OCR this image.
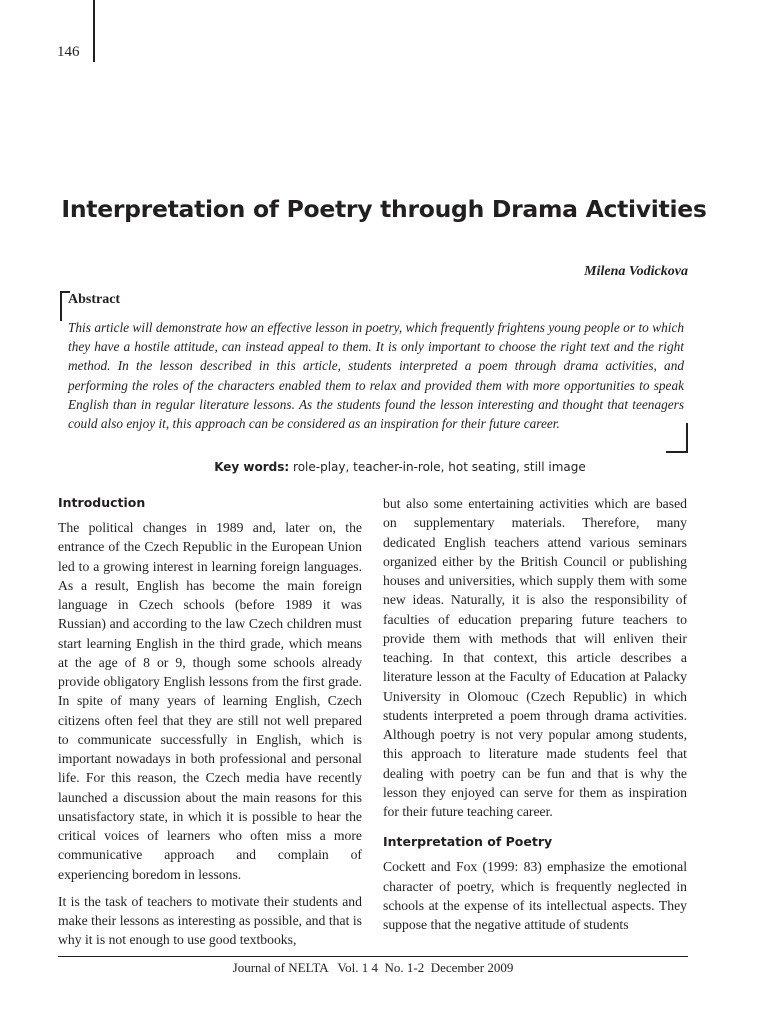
146
Interpretation of Poetry through Drama Activities
Milena Vodickova
Abstract
This article will demonstrate how an effective lesson in poetry, which frequently frightens young people or to which they have a hostile attitude, can instead appeal to them. It is only important to choose the right text and the right method. In the lesson described in this article, students interpreted a poem through drama activities, and performing the roles of the characters enabled them to relax and provided them with more opportunities to speak English than in regular literature lessons. As the students found the lesson interesting and thought that teenagers could also enjoy it, this approach can be considered as an inspiration for their future career.
Key words: role-play, teacher-in-role, hot seating, still image
Introduction

The political changes in 1989 and, later on, the entrance of the Czech Republic in the European Union led to a growing interest in learning foreign languages. As a result, English has become the main foreign language in Czech schools (before 1989 it was Russian) and according to the law Czech children must start learning English in the third grade, which means at the age of 8 or 9, though some schools already provide obligatory English lessons from the first grade. In spite of many years of learning English, Czech citizens often feel that they are still not well prepared to communicate successfully in English, which is important nowadays in both professional and personal life. For this reason, the Czech media have recently launched a discussion about the main reasons for this unsatisfactory state, in which it is possible to hear the critical voices of learners who often miss a more communicative approach and complain of experiencing boredom in lessons.

It is the task of teachers to motivate their students and make their lessons as interesting as possible, and that is why it is not enough to use good textbooks,

but also some entertaining activities which are based on supplementary materials. Therefore, many dedicated English teachers attend various seminars organized either by the British Council or publishing houses and universities, which supply them with some new ideas. Naturally, it is also the responsibility of faculties of education preparing future teachers to provide them with methods that will enliven their teaching. In that context, this article describes a literature lesson at the Faculty of Education at Palacky University in Olomouc (Czech Republic) in which students interpreted a poem through drama activities. Although poetry is not very popular among students, this approach to literature made students feel that dealing with poetry can be fun and that is why the lesson they enjoyed can serve for them as inspiration for their future teaching career.

Interpretation of Poetry

Cockett and Fox (1999: 83) emphasize the emotional character of poetry, which is frequently neglected in schools at the expense of its intellectual aspects. They suppose that the negative attitude of students

Journal of NELTA   Vol. 1 4  No. 1-2  December 2009
